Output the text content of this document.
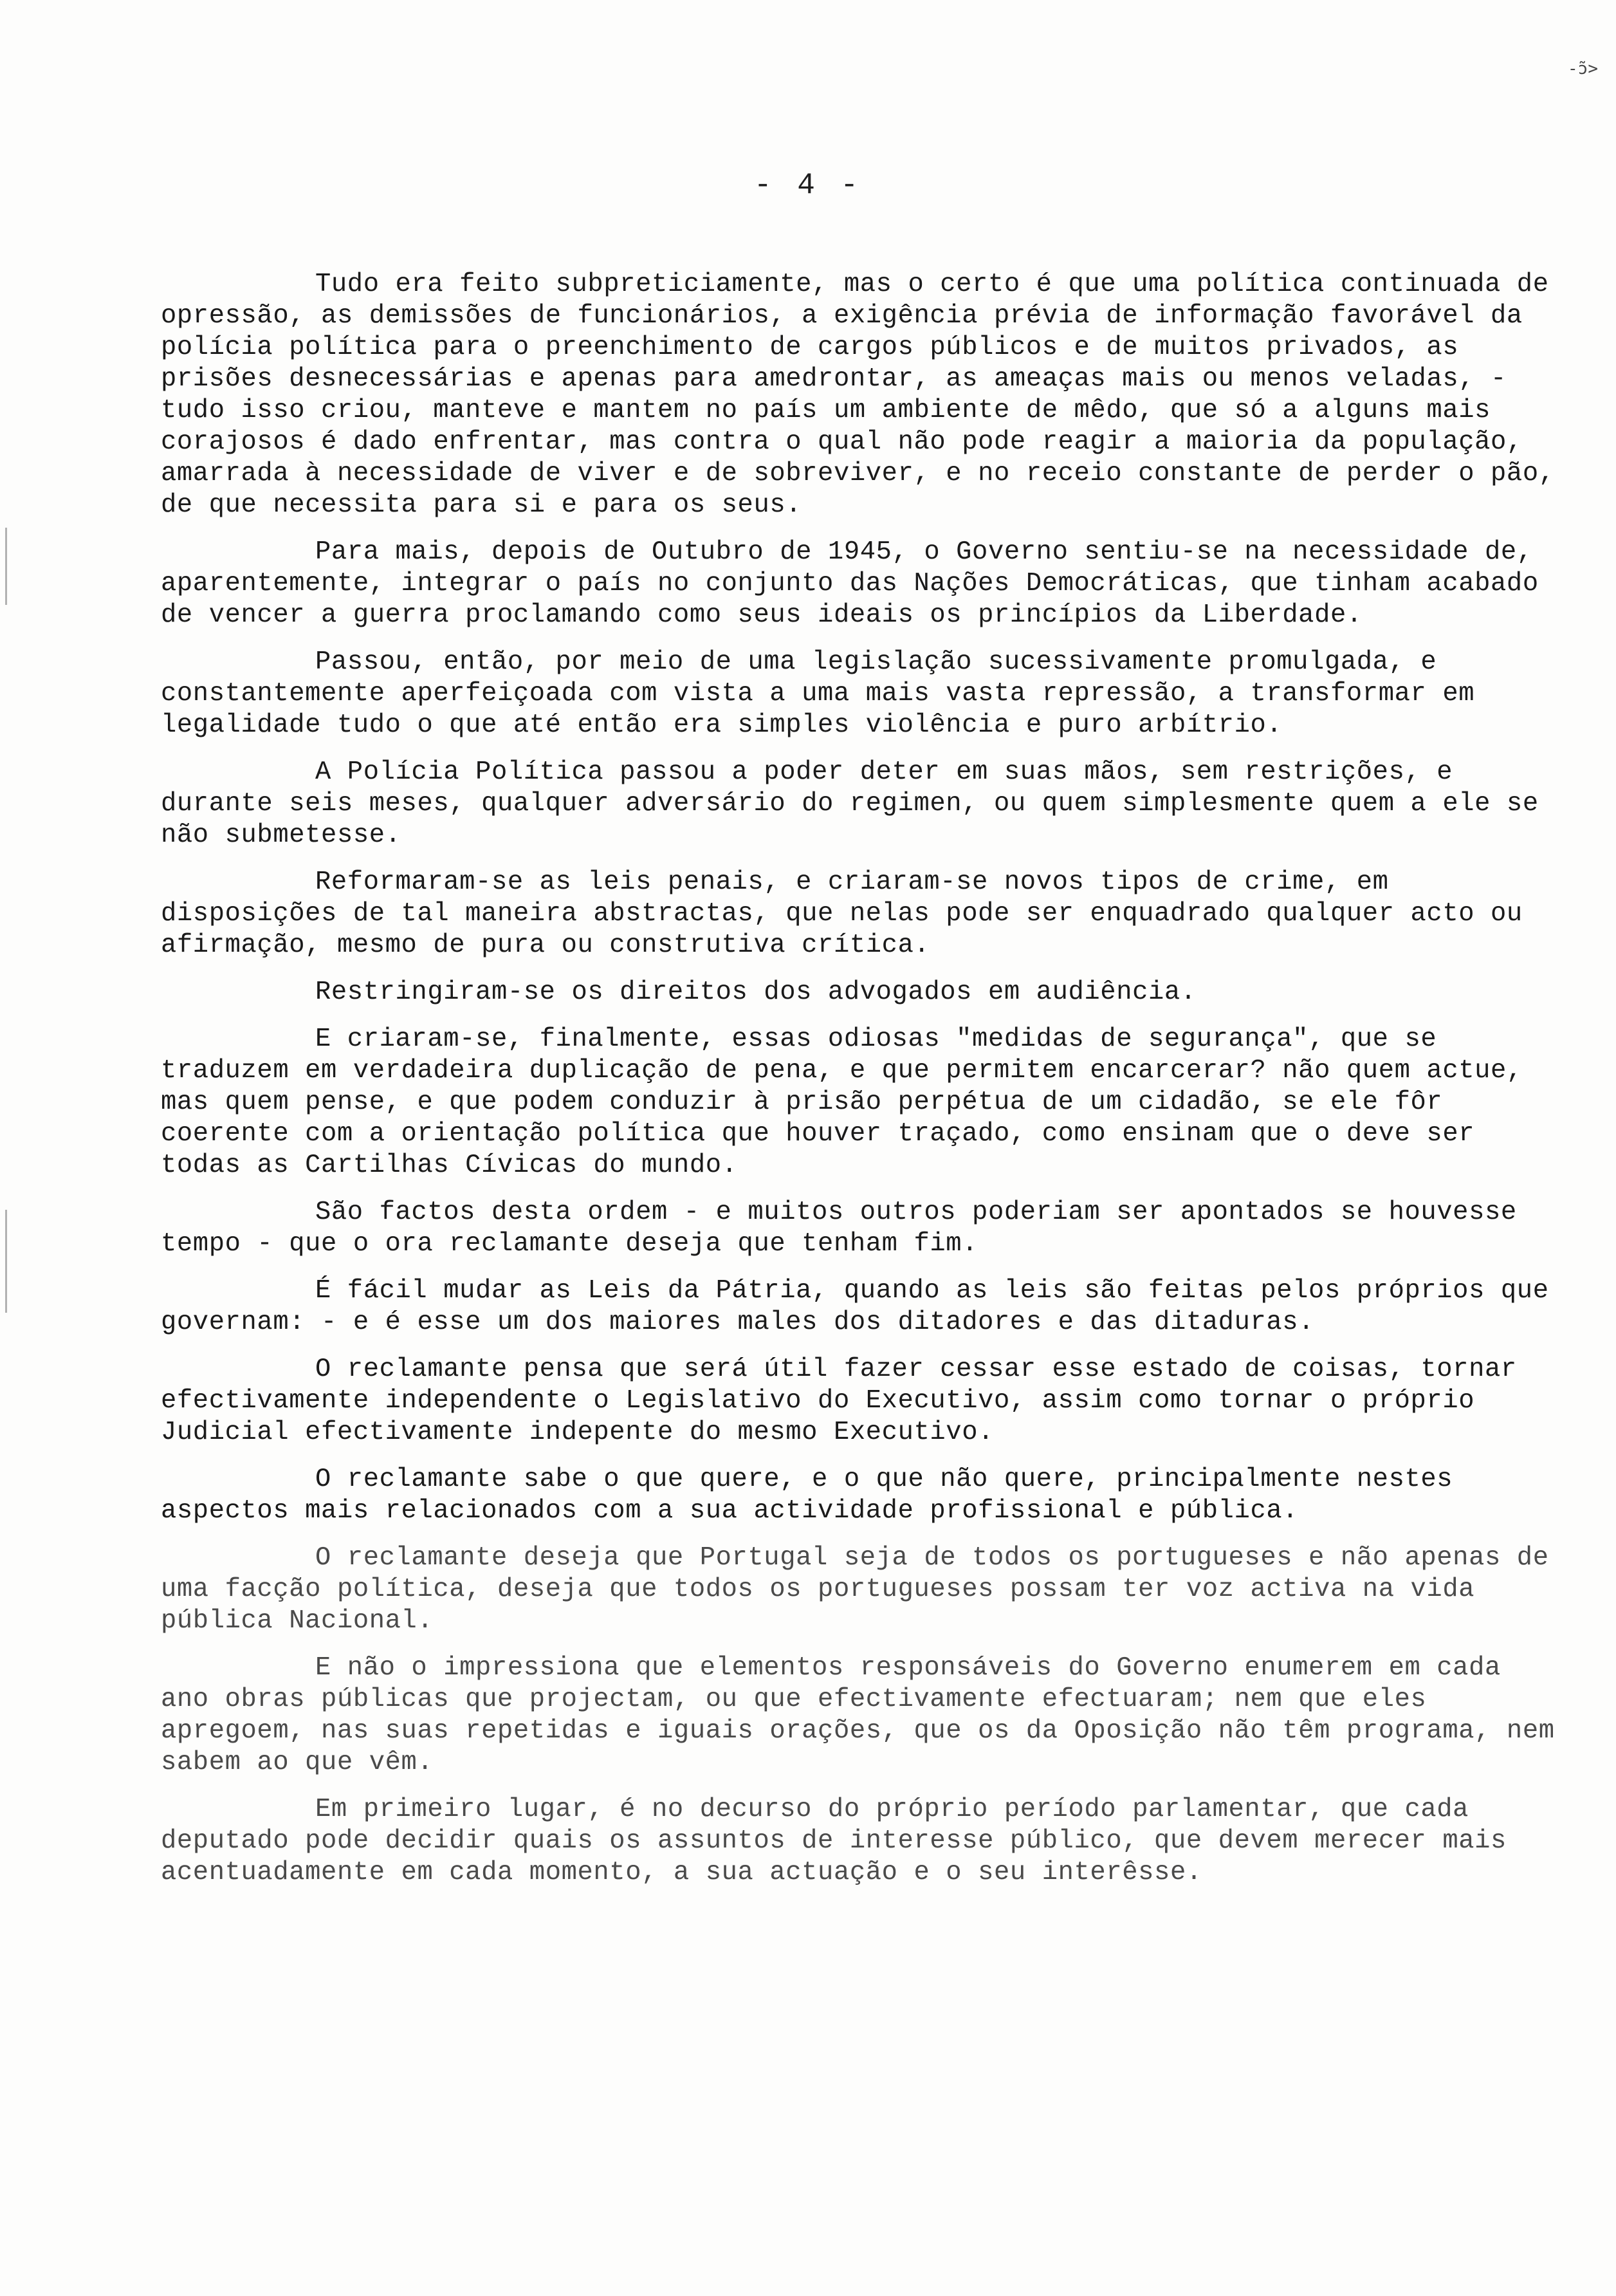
-ɔ̃>
- 4 -

Tudo era feito subpreticiamente, mas o certo é que uma política continuada de opressão, as demissões de funcionários, a exigência prévia de informação favorável da polícia política para o preenchimento de cargos públicos e de muitos privados, as prisões desnecessárias e apenas para amedrontar, as ameaças mais ou menos veladas, - tudo isso criou, manteve e mantem no país um ambiente de mêdo, que só a alguns mais corajosos é dado enfrentar, mas contra o qual não pode reagir a maioria da população, amarrada à necessidade de viver e de sobreviver, e no receio constante de perder o pão, de que necessita para si e para os seus.

Para mais, depois de Outubro de 1945, o Governo sentiu-se na necessidade de, aparentemente, integrar o país no conjunto das Nações Democráticas, que tinham acabado de vencer a guerra proclamando como seus ideais os princípios da Liberdade.

Passou, então, por meio de uma legislação sucessivamente promulgada, e constantemente aperfeiçoada com vista a uma mais vasta repressão, a transformar em legalidade tudo o que até então era simples violência e puro arbítrio.

A Polícia Política passou a poder deter em suas mãos, sem restrições, e durante seis meses, qualquer adversário do regimen, ou quem simplesmente quem a ele se não submetesse.

Reformaram-se as leis penais, e criaram-se novos tipos de crime, em disposições de tal maneira abstractas, que nelas pode ser enquadrado qualquer acto ou afirmação, mesmo de pura ou construtiva crítica.

Restringiram-se os direitos dos advogados em audiência.

E criaram-se, finalmente, essas odiosas "medidas de segurança", que se traduzem em verdadeira duplicação de pena, e que permitem encarcerar? não quem actue, mas quem pense, e que podem conduzir à prisão perpétua de um cidadão, se ele fôr coerente com a orientação política que houver traçado, como ensinam que o deve ser todas as Cartilhas Cívicas do mundo.

São factos desta ordem - e muitos outros poderiam ser apontados se houvesse tempo - que o ora reclamante deseja que tenham fim.

É fácil mudar as Leis da Pátria, quando as leis são feitas pelos próprios que governam: - e é esse um dos maiores males dos ditadores e das ditaduras.

O reclamante pensa que será útil fazer cessar esse estado de coisas, tornar efectivamente independente o Legislativo do Executivo, assim como tornar o próprio Judicial efectivamente indepente do mesmo Executivo.

O reclamante sabe o que quere, e o que não quere, principalmente nestes aspectos mais relacionados com a sua actividade profissional e pública.

O reclamante deseja que Portugal seja de todos os portugueses e não apenas de uma facção política, deseja que todos os portugueses possam ter voz activa na vida pública Nacional.

E não o impressiona que elementos responsáveis do Governo enumerem em cada ano obras públicas que projectam, ou que efectivamente efectuaram; nem que eles apregoem, nas suas repetidas e iguais orações, que os da Oposição não têm programa, nem sabem ao que vêm.

Em primeiro lugar, é no decurso do próprio período parlamentar, que cada deputado pode decidir quais os assuntos de interesse público, que devem merecer mais acentuadamente em cada momento, a sua actuação e o seu interêsse.
